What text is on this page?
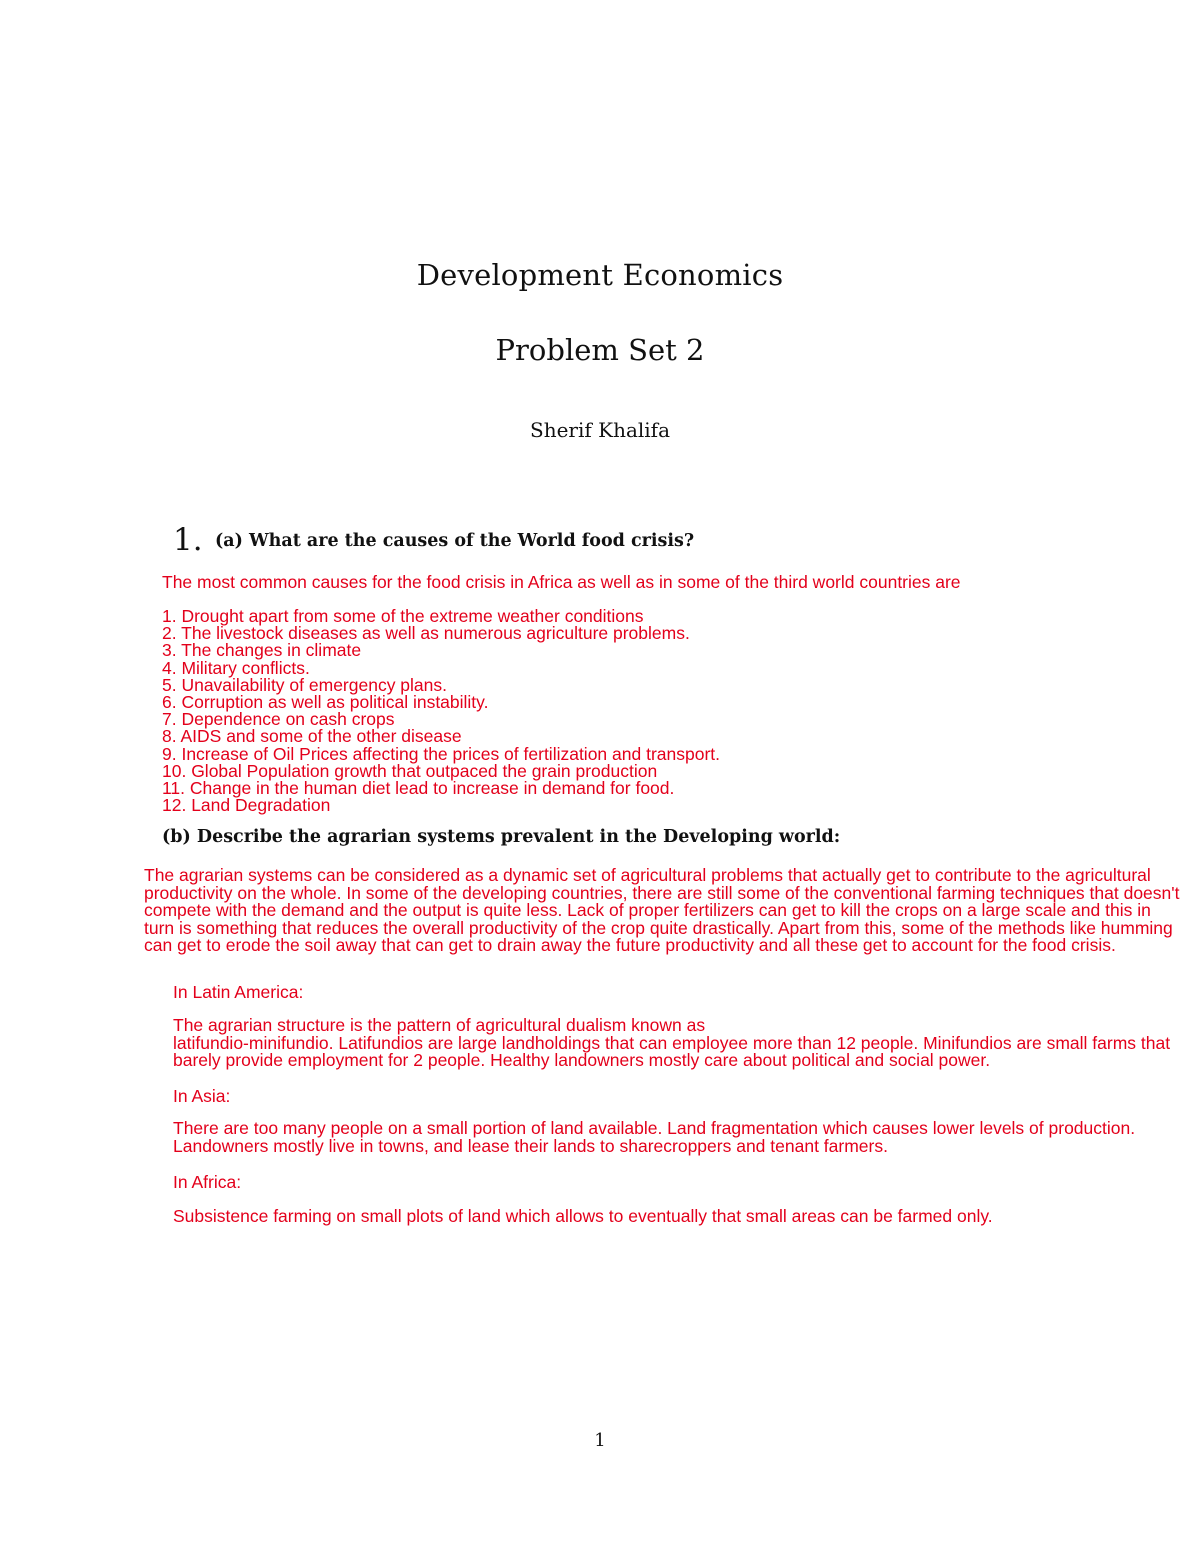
Development Economics
Problem Set 2
Sherif Khalifa
1. (a) What are the causes of the World food crisis?
The most common causes for the food crisis in Africa as well as in some of the third world countries are
1. Drought apart from some of the extreme weather conditions
2. The livestock diseases as well as numerous agriculture problems.
3. The changes in climate
4. Military conflicts.
5. Unavailability of emergency plans.
6. Corruption as well as political instability.
7. Dependence on cash crops
8. AIDS and some of the other disease
9. Increase of Oil Prices affecting the prices of fertilization and transport.
10. Global Population growth that outpaced the grain production
11. Change in the human diet lead to increase in demand for food.
12. Land Degradation
(b) Describe the agrarian systems prevalent in the Developing world:
The agrarian systems can be considered as a dynamic set of agricultural problems that actually get to contribute to the agricultural productivity on the whole. In some of the developing countries, there are still some of the conventional farming techniques that doesn't compete with the demand and the output is quite less. Lack of proper fertilizers can get to kill the crops on a large scale and this in turn is something that reduces the overall productivity of the crop quite drastically. Apart from this, some of the methods like humming can get to erode the soil away that can get to drain away the future productivity and all these get to account for the food crisis.
In Latin America:
The agrarian structure is the pattern of agricultural dualism known as
latifundio-minifundio. Latifundios are large landholdings that can employee more than 12 people. Minifundios are small farms that barely provide employment for 2 people. Healthy landowners mostly care about political and social power.
In Asia:
There are too many people on a small portion of land available. Land fragmentation which causes lower levels of production. Landowners mostly live in towns, and lease their lands to sharecroppers and tenant farmers.
In Africa:
Subsistence farming on small plots of land which allows to eventually that small areas can be farmed only.
1
